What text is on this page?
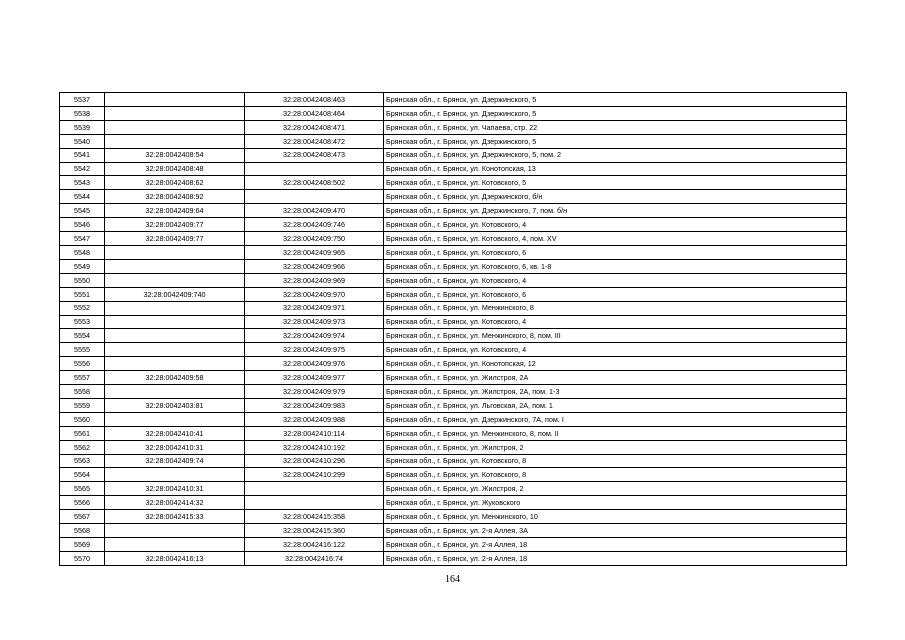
5537		32:28:0042408:463	Брянская обл., г. Брянск, ул. Дзержинского, 5
5538		32:28:0042408:464	Брянская обл., г. Брянск, ул. Дзержинского, 5
5539		32:28:0042408:471	Брянская обл., г. Брянск, ул. Чапаева, стр. 22
5540		32:28:0042408:472	Брянская обл., г. Брянск, ул. Дзержинского, 5
5541	32:28:0042408:54	32:28:0042408:473	Брянская обл., г. Брянск, ул. Дзержинского, 5, пом. 2
5542	32:28:0042408:48		Брянская обл., г. Брянск, ул. Конотопская, 13
5543	32:28:0042408:62	32:28:0042408:502	Брянская обл., г. Брянск, ул. Котовского, 5
5544	32:28:0042408:92		Брянская обл., г. Брянск, ул. Дзержинского, б/н
5545	32:28:0042409:64	32:28:0042409:470	Брянская обл., г. Брянск, ул. Дзержинского, 7, пом. б/н
5546	32:28:0042409:77	32:28:0042409:746	Брянская обл., г. Брянск, ул. Котовского, 4
5547	32:28:0042409:77	32:28:0042409:750	Брянская обл., г. Брянск, ул. Котовского, 4, пом. XV
5548		32:28:0042409:965	Брянская обл., г. Брянск, ул. Котовского, 6
5549		32:28:0042409:966	Брянская обл., г. Брянск, ул. Котовского, 6, кв. 1-8
5550		32:28:0042409:969	Брянская обл., г. Брянск, ул. Котовского, 4
5551	32:28:0042409:740	32:28:0042409:970	Брянская обл., г. Брянск, ул. Котовского, 6
5552		32:28:0042409:971	Брянская обл., г. Брянск, ул. Менжинского, 8
5553		32:28:0042409:973	Брянская обл., г. Брянск, ул. Котовского, 4
5554		32:28:0042409:974	Брянская обл., г. Брянск, ул. Менжинского, 8, пом. III
5555		32:28:0042409:975	Брянская обл., г. Брянск, ул. Котовского, 4
5556		32:28:0042409:976	Брянская обл., г. Брянск, ул. Конотопская, 12
5557	32:28:0042409:58	32:28:0042409:977	Брянская обл., г. Брянск, ул. Жилстроя, 2А
5558		32:28:0042409:979	Брянская обл., г. Брянск, ул. Жилстроя, 2А, пом. 1-3
5559	32:28:0042403:81	32:28:0042409:983	Брянская обл., г. Брянск, ул. Льговская, 2А, пом. 1
5560		32:28:0042409:988	Брянская обл., г. Брянск, ул. Дзержинского, 7А, пом. I
5561	32:28:0042410:41	32:28:0042410:114	Брянская обл., г. Брянск, ул. Менжинского, 8, пом. II
5562	32:28:0042410:31	32:28:0042410:192	Брянская обл., г. Брянск, ул. Жилстроя, 2
5563	32:28:0042409:74	32:28:0042410:296	Брянская обл., г. Брянск, ул. Котовского, 8
5564		32:28:0042410:299	Брянская обл., г. Брянск, ул. Котовского, 8
5565	32:28:0042410:31		Брянская обл., г. Брянск, ул. Жилстроя, 2
5566	32:28:0042414:32		Брянская обл., г. Брянск, ул. Жуковского
5567	32:28:0042415:33	32:28:0042415:358	Брянская обл., г. Брянск, ул. Менжинского, 10
5568		32:28:0042415:360	Брянская обл., г. Брянск, ул. 2-я Аллея, 3А
5569		32:28:0042416:122	Брянская обл., г. Брянск, ул. 2-я Аллея, 18
5570	32:28:0042416:13	32:28:0042416:74	Брянская обл., г. Брянск, ул. 2-я Аллея, 18
164
